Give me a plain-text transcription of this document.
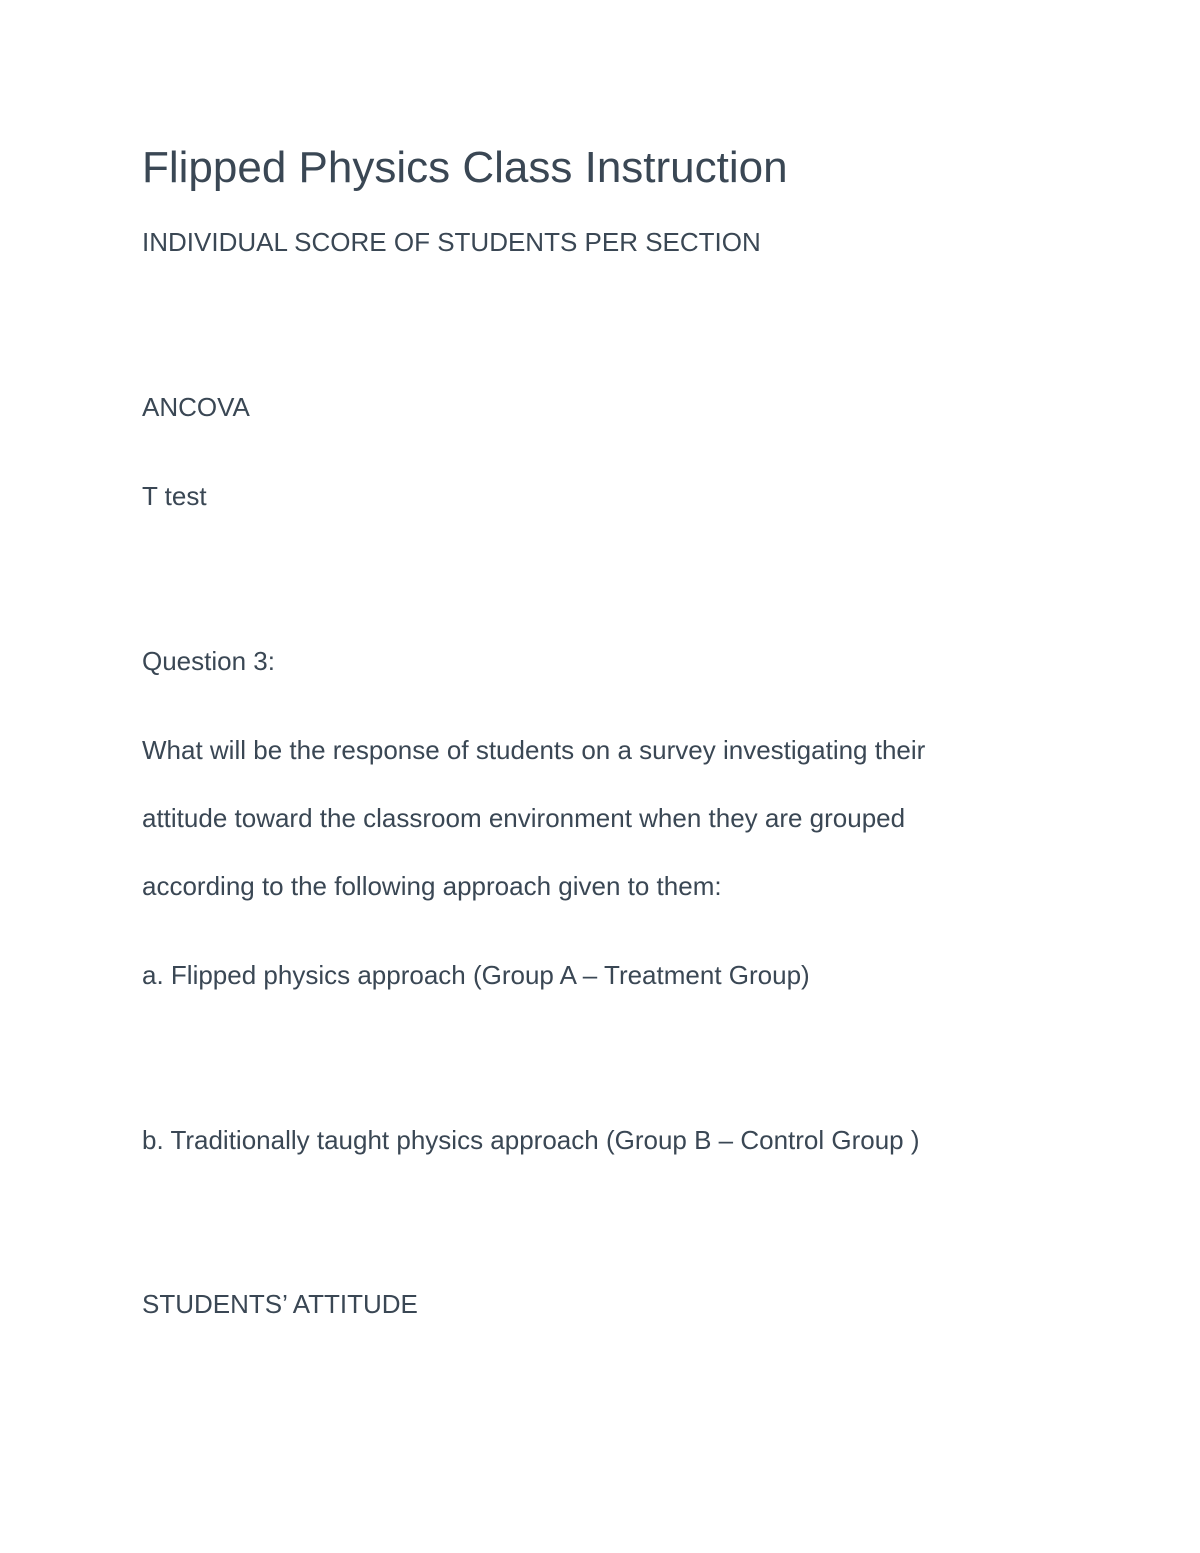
Flipped Physics Class Instruction
INDIVIDUAL SCORE OF STUDENTS PER SECTION
ANCOVA
T test
Question 3:
What will be the response of students on a survey investigating their
attitude toward the classroom environment when they are grouped
according to the following approach given to them:
a. Flipped physics approach (Group A – Treatment Group)
b. Traditionally taught physics approach (Group B – Control Group )
STUDENTS’ ATTITUDE
